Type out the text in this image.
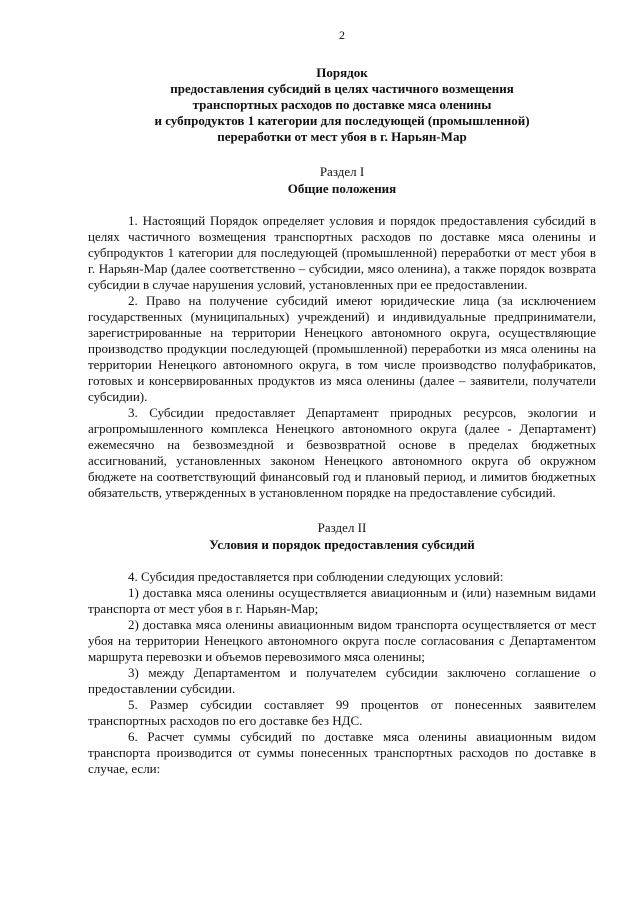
2
Порядок
предоставления субсидий в целях частичного возмещения
транспортных расходов по доставке мяса оленины
и субпродуктов 1 категории для последующей (промышленной)
переработки от мест убоя в г. Нарьян-Мар
Раздел I
Общие положения

1. Настоящий Порядок определяет условия и порядок предоставления субсидий в целях частичного возмещения транспортных расходов по доставке мяса оленины и субпродуктов 1 категории для последующей (промышленной) переработки от мест убоя в г. Нарьян-Мар (далее соответственно – субсидии, мясо оленина), а также порядок возврата субсидии в случае нарушения условий, установленных при ее предоставлении.

2. Право на получение субсидий имеют юридические лица (за исключением государственных (муниципальных) учреждений) и индивидуальные предприниматели, зарегистрированные на территории Ненецкого автономного округа, осуществляющие производство продукции последующей (промышленной) переработки из мяса оленины на территории Ненецкого автономного округа, в том числе производство полуфабрикатов, готовых и консервированных продуктов из мяса оленины (далее – заявители, получатели субсидии).

3. Субсидии предоставляет Департамент природных ресурсов, экологии и агропромышленного комплекса Ненецкого автономного округа (далее - Департамент) ежемесячно на безвозмездной и безвозвратной основе в пределах бюджетных ассигнований, установленных законом Ненецкого автономного округа об окружном бюджете на соответствующий финансовый год и плановый период, и лимитов бюджетных обязательств, утвержденных в установленном порядке на предоставление субсидий.

Раздел II
Условия и порядок предоставления субсидий

4. Субсидия предоставляется при соблюдении следующих условий:

1) доставка мяса оленины осуществляется авиационным и (или) наземным видами транспорта от мест убоя в г. Нарьян-Мар;

2) доставка мяса оленины авиационным видом транспорта осуществляется от мест убоя на территории Ненецкого автономного округа после согласования с Департаментом маршрута перевозки и объемов перевозимого мяса оленины;

3) между Департаментом и получателем субсидии заключено соглашение о предоставлении субсидии.

5. Размер субсидии составляет 99 процентов от понесенных заявителем транспортных расходов по его доставке без НДС.

6. Расчет суммы субсидий по доставке мяса оленины авиационным видом транспорта производится от суммы понесенных транспортных расходов по доставке в случае, если:
